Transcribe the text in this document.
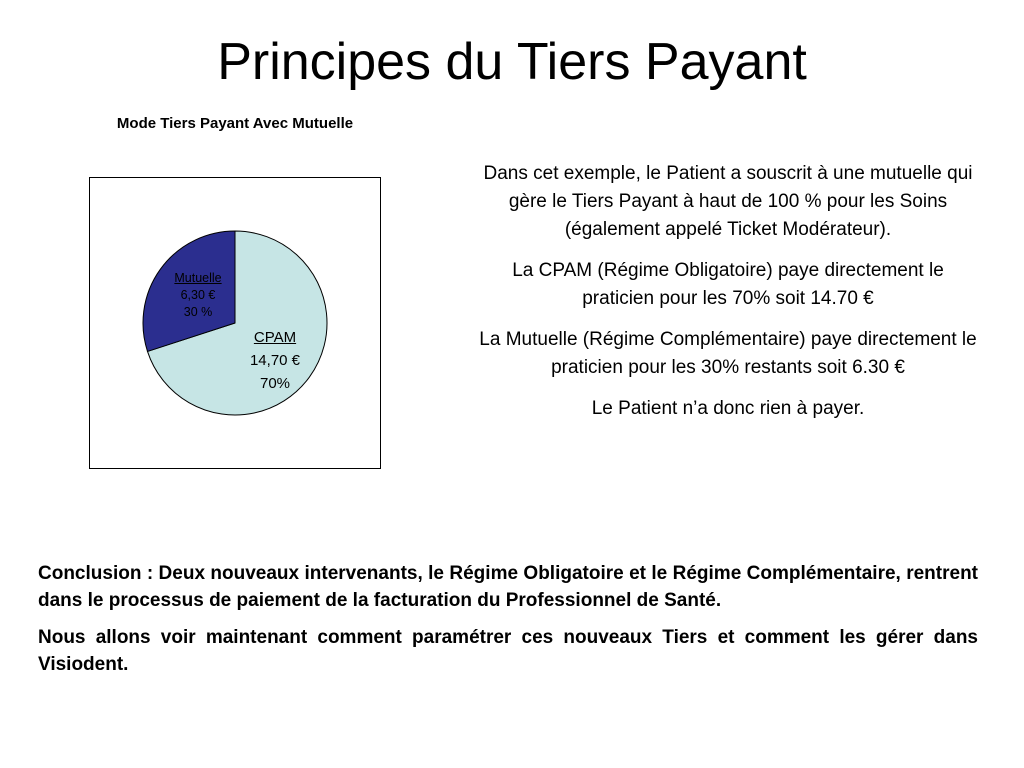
Principes du Tiers Payant
Mode Tiers Payant Avec Mutuelle
Mutuelle
6,30 €
30 %
CPAM
14,70 €
70%

Dans cet exemple, le Patient a souscrit à une mutuelle qui gère le Tiers Payant à haut de 100 % pour les Soins (également appelé Ticket Modérateur).

La CPAM (Régime Obligatoire) paye directement le praticien pour les 70% soit 14.70 €

La Mutuelle (Régime Complémentaire) paye directement le praticien pour les 30% restants soit 6.30 €

Le Patient n’a donc rien à payer.

Conclusion : Deux nouveaux intervenants, le Régime Obligatoire et le Régime Complémentaire, rentrent dans le processus de paiement de la facturation du Professionnel de Santé.

Nous allons voir maintenant comment paramétrer ces nouveaux Tiers et comment les gérer dans Visiodent.
